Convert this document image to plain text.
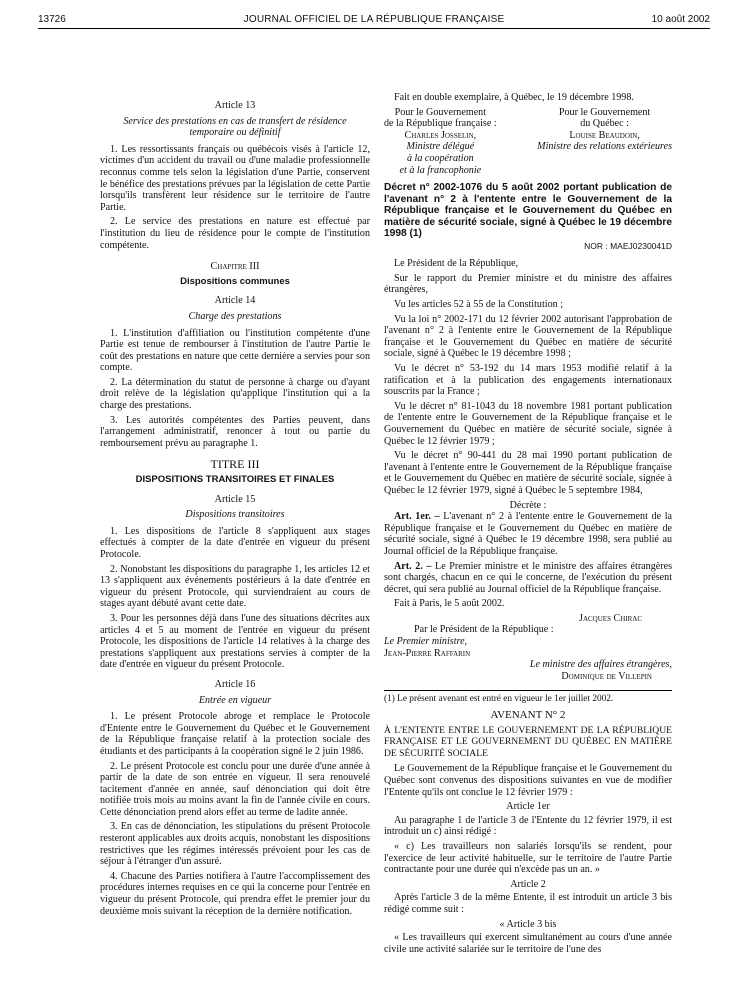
13726	JOURNAL OFFICIEL DE LA RÉPUBLIQUE FRANÇAISE	10 août 2002
Article 13
Service des prestations en cas de transfert de résidence temporaire ou définitif

1. Les ressortissants français ou québécois visés à l'article 12, victimes d'un accident du travail ou d'une maladie professionnelle reconnus comme tels selon la législation d'une Partie, conservent le bénéfice des prestations prévues par la législation de cette Partie lorsqu'ils transfèrent leur résidence sur le territoire de l'autre Partie.

2. Le service des prestations en nature est effectué par l'institution du lieu de résidence pour le compte de l'institution compétente.

Chapitre III
Dispositions communes
Article 14
Charge des prestations

1. L'institution d'affiliation ou l'institution compétente d'une Partie est tenue de rembourser à l'institution de l'autre Partie le coût des prestations en nature que cette dernière a servies pour son compte.

2. La détermination du statut de personne à charge ou d'ayant droit relève de la législation qu'applique l'institution qui a la charge des prestations.

3. Les autorités compétentes des Parties peuvent, dans l'arrangement administratif, renoncer à tout ou partie du remboursement prévu au paragraphe 1.

TITRE III
DISPOSITIONS TRANSITOIRES ET FINALES
Article 15
Dispositions transitoires

1. Les dispositions de l'article 8 s'appliquent aux stages effectués à compter de la date d'entrée en vigueur du présent Protocole.

2. Nonobstant les dispositions du paragraphe 1, les articles 12 et 13 s'appliquent aux événements postérieurs à la date d'entrée en vigueur du présent Protocole, qui surviendraient au cours de stages ayant débuté avant cette date.

3. Pour les personnes déjà dans l'une des situations décrites aux articles 4 et 5 au moment de l'entrée en vigueur du présent Protocole, les dispositions de l'article 14 relatives à la charge des prestations s'appliquent aux prestations servies à compter de la date d'entrée en vigueur du présent Protocole.

Article 16
Entrée en vigueur

1. Le présent Protocole abroge et remplace le Protocole d'Entente entre le Gouvernement du Québec et le Gouvernement de la République française relatif à la protection sociale des étudiants et des participants à la coopération signé le 2 juin 1986.

2. Le présent Protocole est conclu pour une durée d'une année à partir de la date de son entrée en vigueur. Il sera renouvelé tacitement d'année en année, sauf dénonciation qui doit être notifiée trois mois au moins avant la fin de l'année civile en cours. Cette dénonciation prend alors effet au terme de ladite année.

3. En cas de dénonciation, les stipulations du présent Protocole resteront applicables aux droits acquis, nonobstant les dispositions restrictives que les régimes intéressés prévoient pour les cas de séjour à l'étranger d'un assuré.

4. Chacune des Parties notifiera à l'autre l'accomplissement des procédures internes requises en ce qui la concerne pour l'entrée en vigueur du présent Protocole, qui prendra effet le premier jour du deuxième mois suivant la réception de la dernière notification.

Fait en double exemplaire, à Québec, le 19 décembre 1998.

Pour le Gouvernement
de la République française :
Charles Josselin,
Ministre délégué
à la coopération
et à la francophonie
Pour le Gouvernement
du Québec :
Louise Beaudoin,
Ministre des relations extérieures
Décret n° 2002-1076 du 5 août 2002 portant publication de l'avenant n° 2 à l'entente entre le Gouvernement de la République française et le Gouvernement du Québec en matière de sécurité sociale, signé à Québec le 19 décembre 1998 (1)
NOR : MAEJ0230041D

Le Président de la République,

Sur le rapport du Premier ministre et du ministre des affaires étrangères,

Vu les articles 52 à 55 de la Constitution ;

Vu la loi n° 2002-171 du 12 février 2002 autorisant l'approbation de l'avenant n° 2 à l'entente entre le Gouvernement de la République française et le Gouvernement du Québec en matière de sécurité sociale, signé à Québec le 19 décembre 1998 ;

Vu le décret n° 53-192 du 14 mars 1953 modifié relatif à la ratification et à la publication des engagements internationaux souscrits par la France ;

Vu le décret n° 81-1043 du 18 novembre 1981 portant publication de l'entente entre le Gouvernement de la République française et le Gouvernement du Québec en matière de sécurité sociale, signée à Québec le 12 février 1979 ;

Vu le décret n° 90-441 du 28 mai 1990 portant publication de l'avenant à l'entente entre le Gouvernement de la République française et le Gouvernement du Québec en matière de sécurité sociale, signée à Québec le 12 février 1979, signé à Québec le 5 septembre 1984,

Décrète :

Art. 1er. – L'avenant n° 2 à l'entente entre le Gouvernement de la République française et le Gouvernement du Québec en matière de sécurité sociale, signé à Québec le 19 décembre 1998, sera publié au Journal officiel de la République française.

Art. 2. – Le Premier ministre et le ministre des affaires étrangères sont chargés, chacun en ce qui le concerne, de l'exécution du présent décret, qui sera publié au Journal officiel de la République française.

Fait à Paris, le 5 août 2002.

Jacques Chirac
Par le Président de la République :
Le Premier ministre,
Jean-Pierre Raffarin
Le ministre des affaires étrangères,
Dominique de Villepin
(1) Le présent avenant est entré en vigueur le 1er juillet 2002.
AVENANT N° 2
À L'ENTENTE ENTRE LE GOUVERNEMENT DE LA RÉPUBLIQUE FRANÇAISE ET LE GOUVERNEMENT DU QUÉBEC EN MATIÈRE DE SÉCURITÉ SOCIALE

Le Gouvernement de la République française et le Gouvernement du Québec sont convenus des dispositions suivantes en vue de modifier l'Entente qu'ils ont conclue le 12 février 1979 :

Article 1er

Au paragraphe 1 de l'article 3 de l'Entente du 12 février 1979, il est introduit un c) ainsi rédigé :

« c) Les travailleurs non salariés lorsqu'ils se rendent, pour l'exercice de leur activité habituelle, sur le territoire de l'autre Partie contractante pour une durée qui n'excède pas un an. »

Article 2

Après l'article 3 de la même Entente, il est introduit un article 3 bis rédigé comme suit :

« Article 3 bis

« Les travailleurs qui exercent simultanément au cours d'une année civile une activité salariée sur le territoire de l'une des
